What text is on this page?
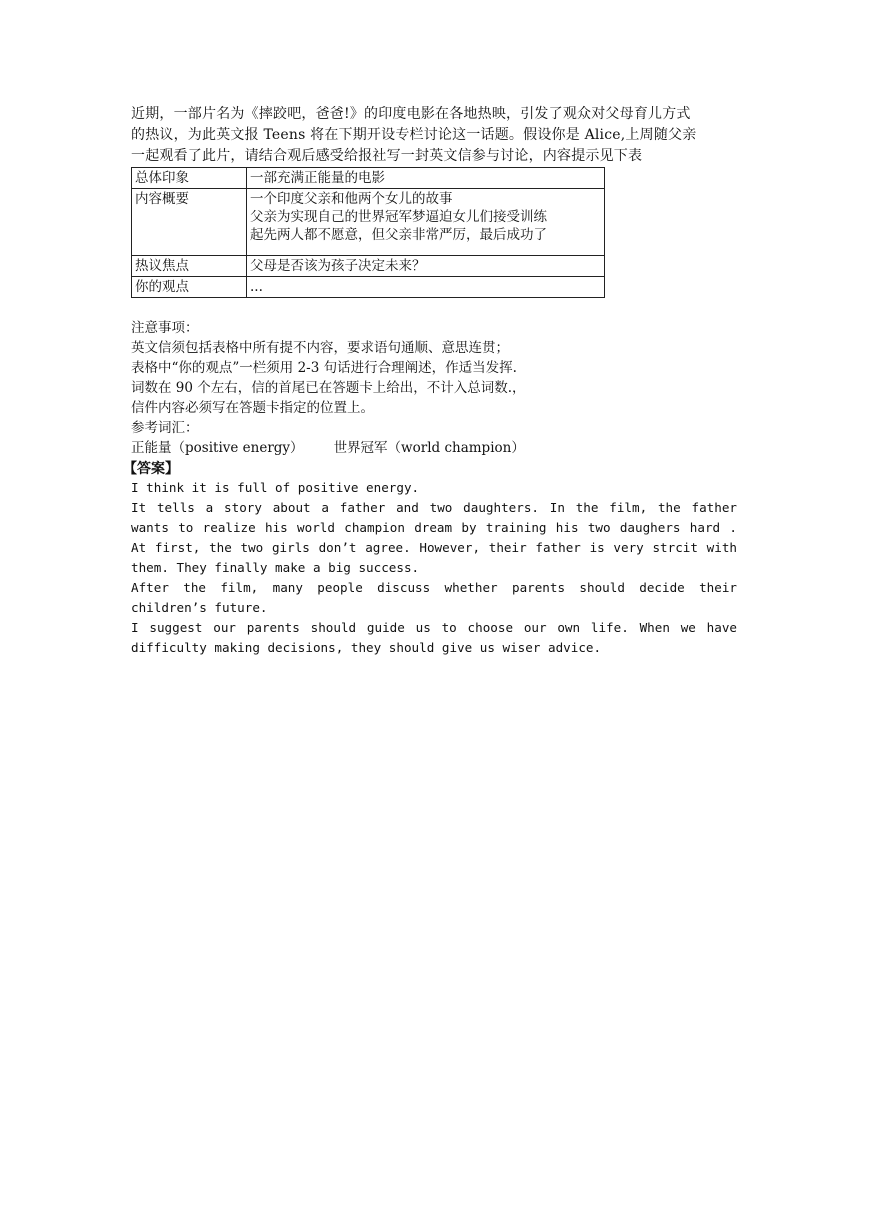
近期，一部片名为《摔跤吧，爸爸!》的印度电影在各地热映，引发了观众对父母育儿方式

的热议，为此英文报 Teens 将在下期开设专栏讨论这一话题。假设你是 Alice,上周随父亲

一起观看了此片，请结合观后感受给报社写一封英文信参与讨论，内容提示见下表

总体印象	一部充满正能量的电影

内容概要	一个印度父亲和他两个女儿的故事
父亲为实现自己的世界冠军梦逼迫女儿们接受训练
起先两人都不愿意，但父亲非常严厉，最后成功了

热议焦点	父母是否该为孩子决定未来？

你的观点	...

注意事项：

英文信须包括表格中所有提不内容，要求语句通顺、意思连贯；

表格中“你的观点”一栏须用 2-3 句话进行合理阐述，作适当发挥.

词数在 90 个左右，信的首尾已在答题卡上给出，不计入总词数.，

信件内容必须写在答题卡指定的位置上。

参考词汇：

正能量（positive energy） 世界冠军（world champion）

【答案】

I think it is full of positive energy.

It tells a story about a father and two daughters. In the film, the father wants to realize his world champion dream by training his two daughers hard . At first, the two girls don’t agree. However, their father is very strcit with them. They finally make a big success.

After the film, many people discuss whether parents should decide their children’s future.

I suggest our parents should guide us to choose our own life. When we have difficulty making decisions, they should give us wiser advice.
